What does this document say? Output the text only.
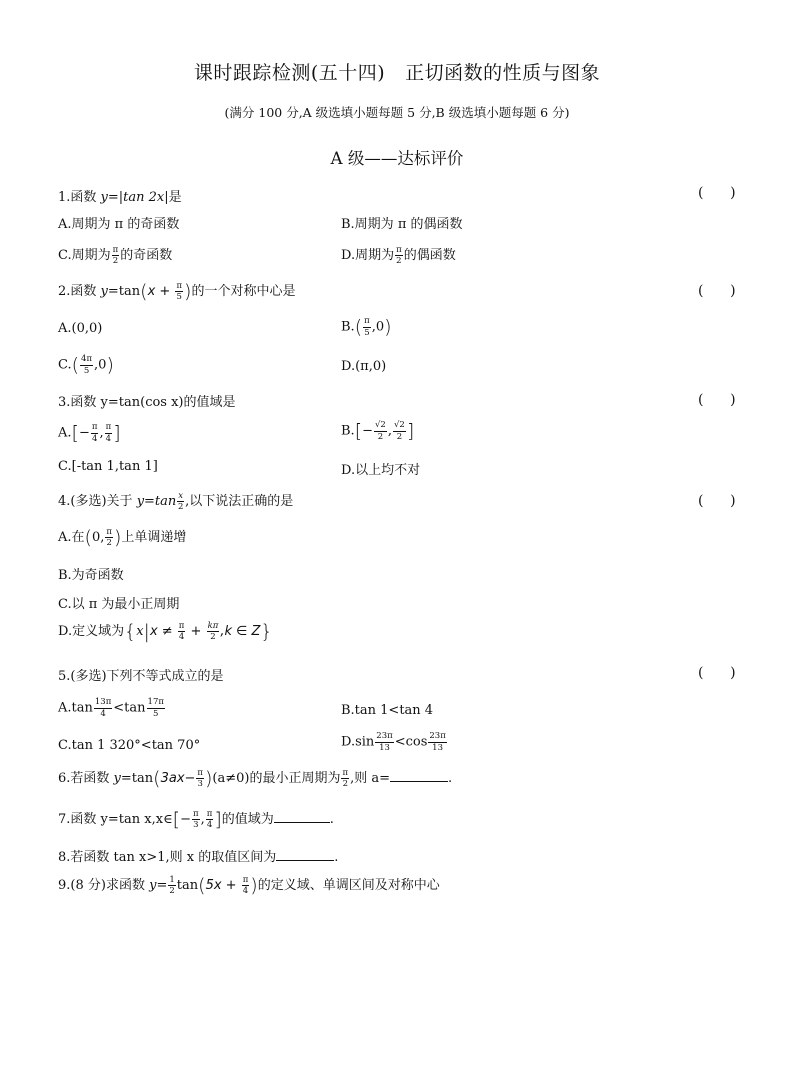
课时跟踪检测(五十四) 正切函数的性质与图象
(满分 100 分,A 级选填小题每题 5 分,B 级选填小题每题 6 分)
A 级——达标评价
1.函数 y=|tan 2x|是	(      )
A.周期为 π 的奇函数	B.周期为 π 的偶函数
C.周期为 $\frac{\pi}{2}$ 的奇函数	D.周期为 $\frac{\pi}{2}$ 的偶函数
2.函数 $y=\tan(x + \frac{\pi}{5}$ )的一个对称中心是	(      )
A.(0,0)	$B.( \frac{\pi}{5} ,0)$
$C.( \frac{4\pi}{5} ,0)$	D.(π,0)
3.函数 y=tan(cos x)的值域是	(      )
$A.[- \frac{\pi}{4}$ , $\frac{\pi}{4}$ ]	$B.[- \frac{√2}{2}$ , $\frac{√2}{2}$ ]
C.[-tan 1,tan 1]	D.以上均不对
4.(多选)关于 $y=\tan \frac{x}{2}$ ,以下说法正确的是	(      )
A.在(0, $\frac{\pi}{2}$ )上单调递增
B.为奇函数
C.以 π 为最小正周期
D.定义域为{$x|x \ne \frac{\pi}{4} + \frac{k\pi}{2} ,k$ ∈ Z}
5.(多选)下列不等式成立的是	(      )
$A.\tan \frac{13\pi}{4} <\tan \frac{17\pi}{5}$	B.tan 1<tan 4
C.tan 1 320°<tan 70°	$D.\sin \frac{23\pi}{13} <\cos \frac{23\pi}{13}$
6.若函数 $y=\tan(3ax- \frac{\pi}{3} )(a\ne 0)$的最小正周期为 $\frac{\pi}{2}$ ,则 a=	.
7.函数 y=tan x,x∈[− $\frac{\pi}{3}$ , $\frac{\pi}{4}$ ]的值域为	.
8.若函数 tan x>1,则 x 的取值区间为	.
9.(8 分)求函数 $y= \frac{1}{2} \tan(5x + \frac{\pi}{4}$ )的定义域、单调区间及对称中心
